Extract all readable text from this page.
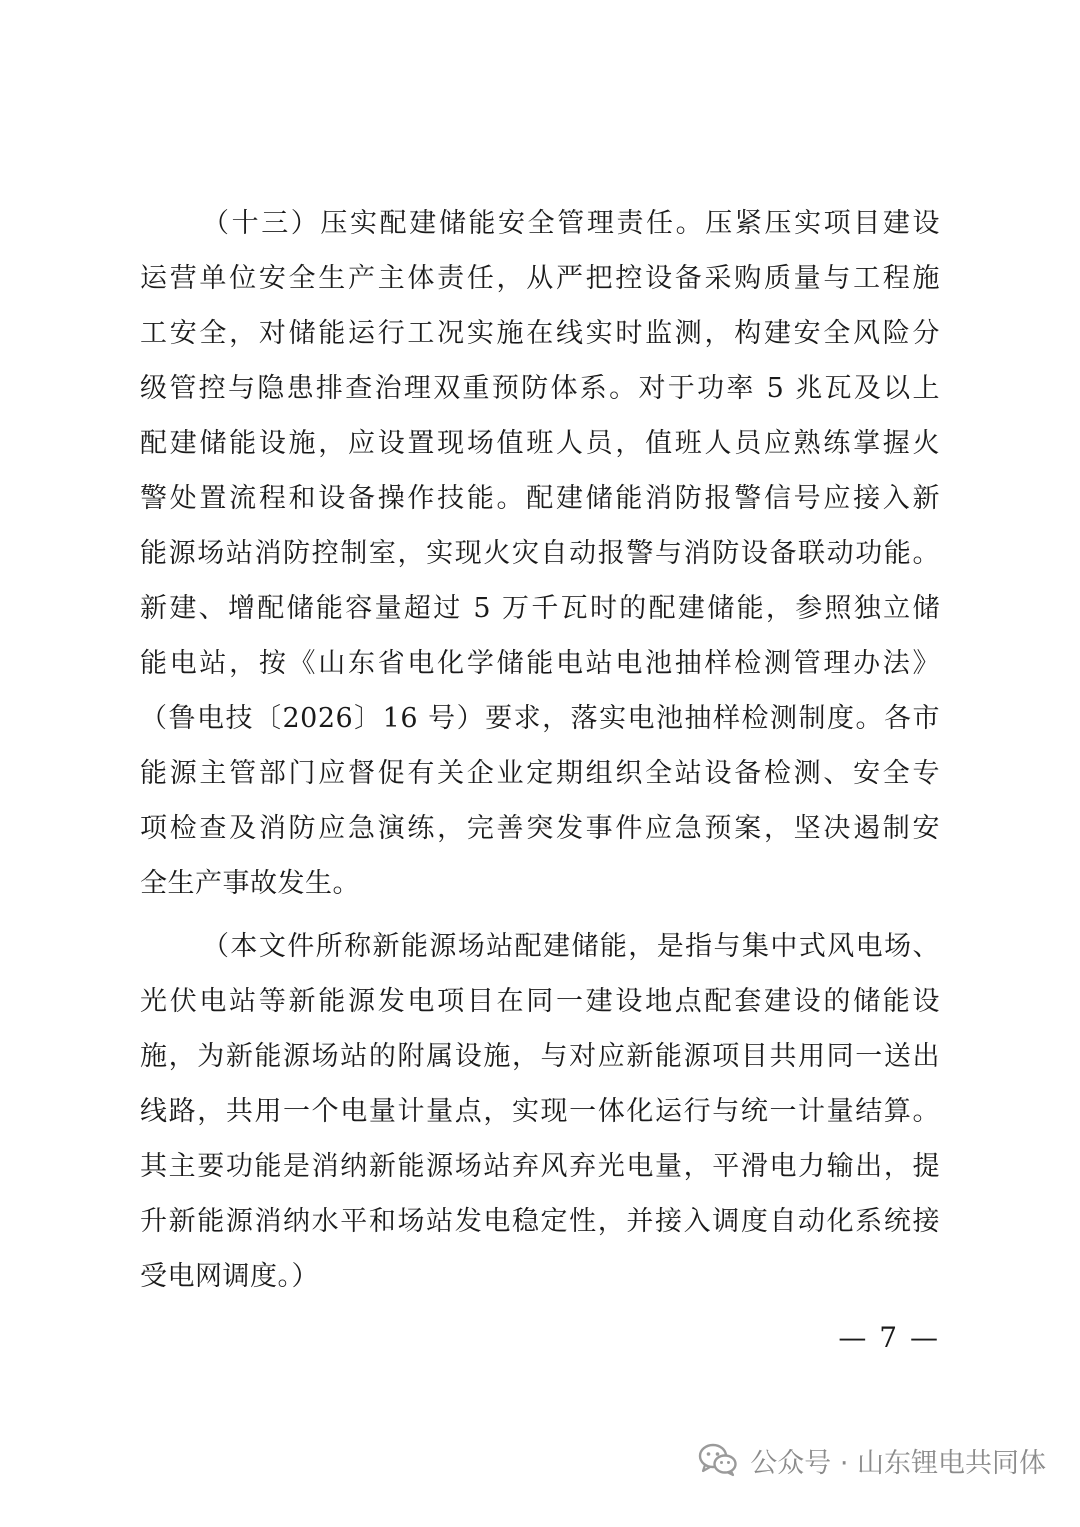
（十三）压实配建储能安全管理责任。压紧压实项目建设
运营单位安全生产主体责任，从严把控设备采购质量与工程施
工安全，对储能运行工况实施在线实时监测，构建安全风险分
级管控与隐患排查治理双重预防体系。对于功率 5 兆瓦及以上
配建储能设施，应设置现场值班人员，值班人员应熟练掌握火
警处置流程和设备操作技能。配建储能消防报警信号应接入新
能源场站消防控制室，实现火灾自动报警与消防设备联动功能。
新建、增配储能容量超过 5 万千瓦时的配建储能，参照独立储
能电站，按《山东省电化学储能电站电池抽样检测管理办法》
（鲁电技〔2026〕16 号）要求，落实电池抽样检测制度。各市
能源主管部门应督促有关企业定期组织全站设备检测、安全专
项检查及消防应急演练，完善突发事件应急预案，坚决遏制安
全生产事故发生。
（本文件所称新能源场站配建储能，是指与集中式风电场、
光伏电站等新能源发电项目在同一建设地点配套建设的储能设
施，为新能源场站的附属设施，与对应新能源项目共用同一送出
线路，共用一个电量计量点，实现一体化运行与统一计量结算。
其主要功能是消纳新能源场站弃风弃光电量，平滑电力输出，提
升新能源消纳水平和场站发电稳定性，并接入调度自动化系统接
受电网调度。）
— 7 —
公众号 · 山东锂电共同体
